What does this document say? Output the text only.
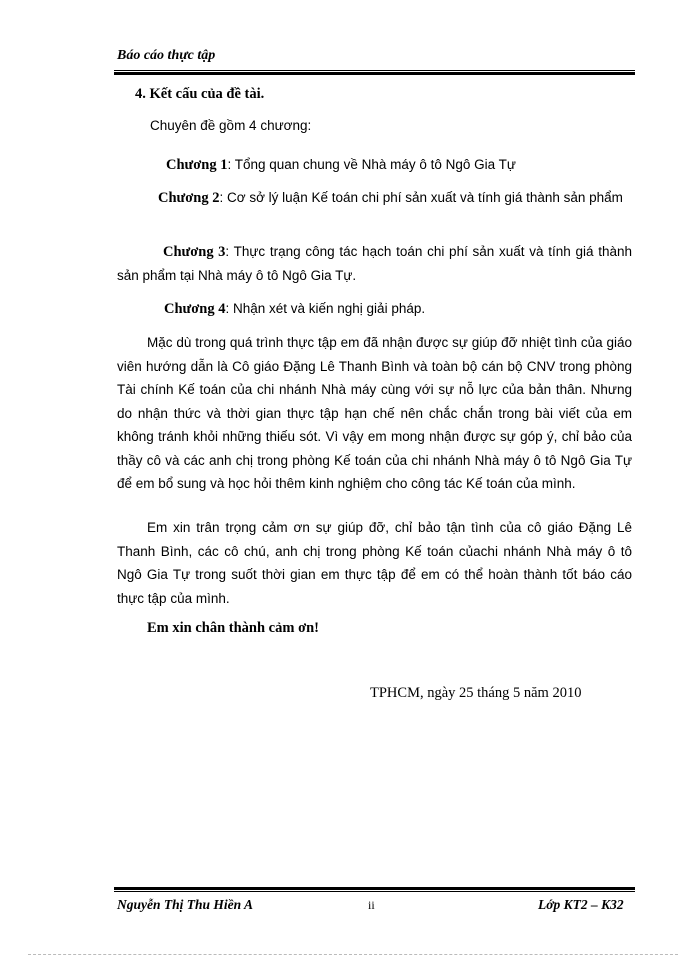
Báo cáo thực tập
4. Kết cấu của đề tài.
Chuyên đề gồm 4 chương:
Chương 1: Tổng quan chung về Nhà máy ô tô Ngô Gia Tự
Chương 2: Cơ sở lý luận Kế toán chi phí sản xuất và tính giá thành sản phẩm
Chương 3: Thực trạng công tác hạch toán chi phí sản xuất và tính giá thành sản phẩm tại Nhà máy ô tô Ngô Gia Tự.
Chương 4: Nhận xét và kiến nghị giải pháp.
Mặc dù trong quá trình thực tập em đã nhận được sự giúp đỡ nhiệt tình của giáo viên hướng dẫn là Cô giáo Đặng Lê Thanh Bình và toàn bộ cán bộ CNV trong phòng Tài chính Kế toán của chi nhánh Nhà máy cùng với sự nỗ lực của bản thân. Nhưng do nhận thức và thời gian thực tập hạn chế nên chắc chắn trong bài viết của em không tránh khỏi những thiếu sót. Vì vậy em mong nhận được sự góp ý, chỉ bảo của thầy cô và các anh chị trong phòng Kế toán của chi nhánh Nhà máy ô tô Ngô Gia Tự để em bổ sung và học hỏi thêm kinh nghiệm cho công tác Kế toán của mình.
Em xin trân trọng cảm ơn sự giúp đỡ, chỉ bảo tận tình của cô giáo Đặng Lê Thanh Bình, các cô chú, anh chị trong phòng Kế toán củachi nhánh Nhà máy ô tô Ngô Gia Tự trong suốt thời gian em thực tập để em có thể hoàn thành tốt báo cáo thực tập của mình.
Em xin chân thành cảm ơn!
TPHCM, ngày 25 tháng 5 năm 2010
Nguyễn Thị Thu Hiền A	ii	Lớp KT2 – K32
